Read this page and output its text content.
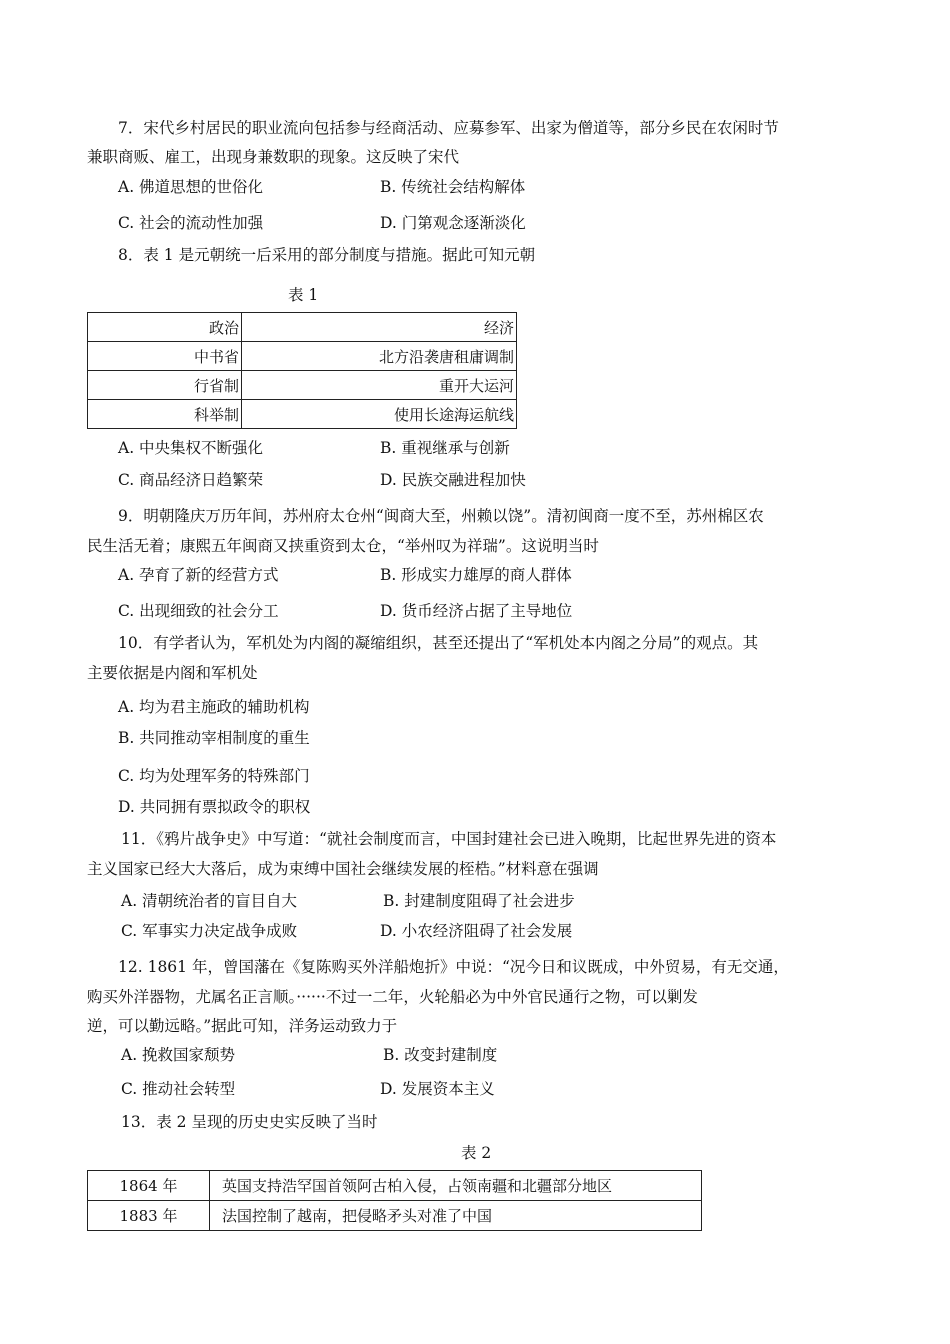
7．宋代乡村居民的职业流向包括参与经商活动、应募参军、出家为僧道等，部分乡民在农闲时节
兼职商贩、雇工，出现身兼数职的现象。这反映了宋代
A. 佛道思想的世俗化	B. 传统社会结构解体
C. 社会的流动性加强	D. 门第观念逐渐淡化
8．表 1 是元朝统一后采用的部分制度与措施。据此可知元朝
表 1
政治	经济
中书省	北方沿袭唐租庸调制
行省制	重开大运河
科举制	使用长途海运航线
A. 中央集权不断强化	B. 重视继承与创新
C. 商品经济日趋繁荣	D. 民族交融进程加快
9．明朝隆庆万历年间，苏州府太仓州“闽商大至，州赖以饶”。清初闽商一度不至，苏州棉区农
民生活无着；康熙五年闽商又挟重资到太仓，“举州叹为祥瑞”。这说明当时
A. 孕育了新的经营方式	B. 形成实力雄厚的商人群体
C. 出现细致的社会分工	D. 货币经济占据了主导地位
10．有学者认为，军机处为内阁的凝缩组织，甚至还提出了“军机处本内阁之分局”的观点。其
主要依据是内阁和军机处
A. 均为君主施政的辅助机构
B. 共同推动宰相制度的重生
C. 均为处理军务的特殊部门
D. 共同拥有票拟政令的职权
11．《鸦片战争史》中写道：“就社会制度而言，中国封建社会已进入晚期，比起世界先进的资本
主义国家已经大大落后，成为束缚中国社会继续发展的桎梏。”材料意在强调
A. 清朝统治者的盲目自大	B. 封建制度阻碍了社会进步
C. 军事实力决定战争成败	D. 小农经济阻碍了社会发展
12. 1861 年，曾国藩在《复陈购买外洋船炮折》中说：“况今日和议既成，中外贸易，有无交通，
购买外洋器物，尤属名正言顺。······不过一二年，火轮船必为中外官民通行之物，可以剿发
逆，可以勤远略。”据此可知，洋务运动致力于
A. 挽救国家颓势	B. 改变封建制度
C. 推动社会转型	D. 发展资本主义
13．表 2 呈现的历史史实反映了当时
表 2
1864 年	英国支持浩罕国首领阿古柏入侵，占领南疆和北疆部分地区
1883 年	法国控制了越南，把侵略矛头对准了中国
